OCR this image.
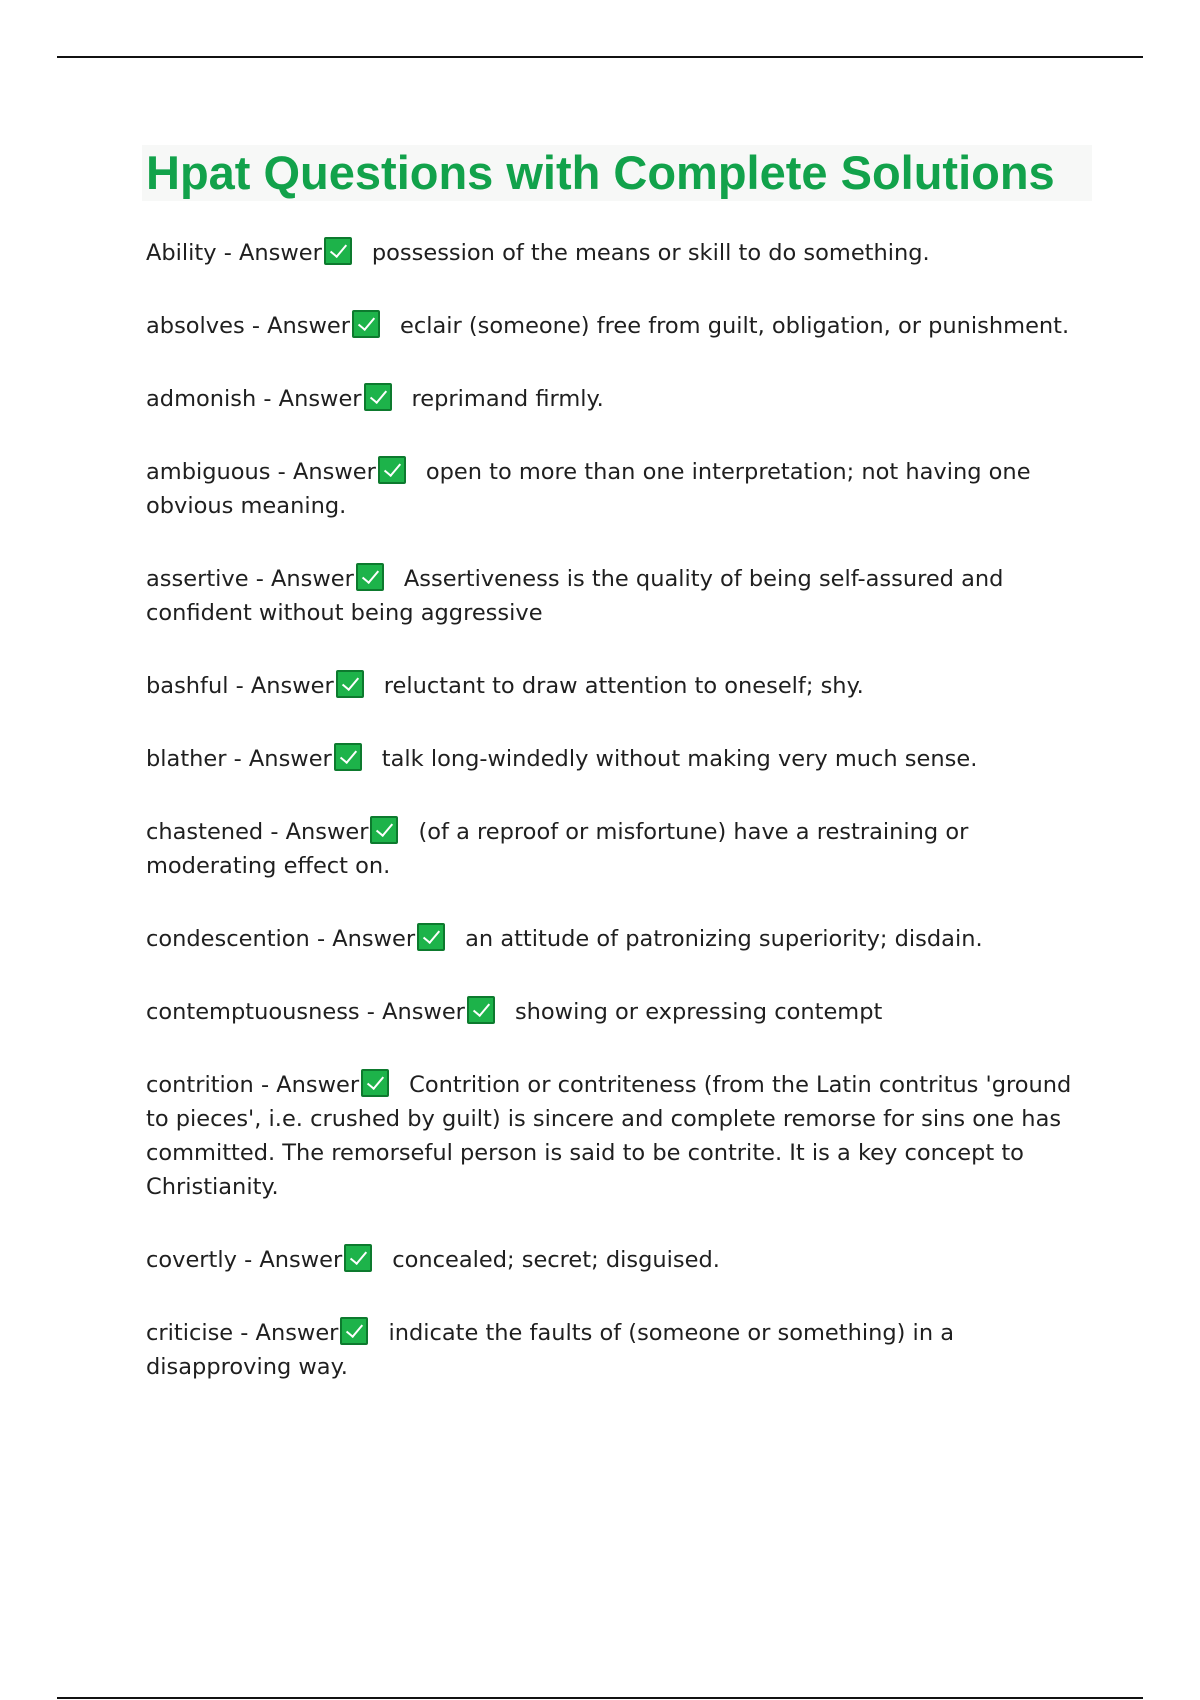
Hpat Questions with Complete Solutions

Ability - Answer possession of the means or skill to do something.

absolves - Answer eclair (someone) free from guilt, obligation, or punishment.

admonish - Answer reprimand firmly.

ambiguous - Answer open to more than one interpretation; not having one obvious meaning.

assertive - Answer Assertiveness is the quality of being self-assured and confident without being aggressive

bashful - Answer reluctant to draw attention to oneself; shy.

blather - Answer talk long-windedly without making very much sense.

chastened - Answer (of a reproof or misfortune) have a restraining or moderating effect on.

condescention - Answer an attitude of patronizing superiority; disdain.

contemptuousness - Answer showing or expressing contempt

contrition - Answer Contrition or contriteness (from the Latin contritus 'ground to pieces', i.e. crushed by guilt) is sincere and complete remorse for sins one has committed. The remorseful person is said to be contrite. It is a key concept to Christianity.

covertly - Answer concealed; secret; disguised.

criticise - Answer indicate the faults of (someone or something) in a disapproving way.
